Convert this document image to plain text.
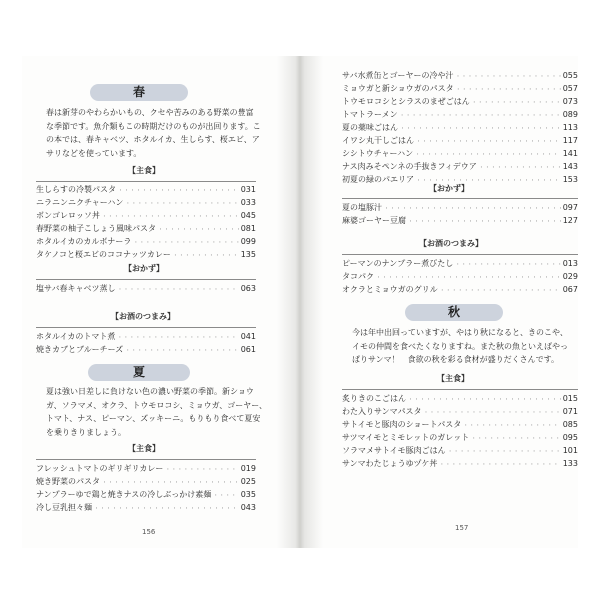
春
春は新芽のやわらかいもの、クセや苦みのある野菜の豊富
な季節です。魚介類もこの時期だけのものが出回ります。こ
の本では、春キャベツ、ホタルイカ、生しらす、桜エビ、ア
サリなどを使っています。
【主食】
生しらすの冷製パスタ ・・・・・・・・・・・・・・・・・・・・・・・・・・・・・・・・・・・・・・・・	031
ニラニンニクチャーハン ・・・・・・・・・・・・・・・・・・・・・・・・・・・・・・・・・・・・・・・・	033
ボンゴレロッソ丼 ・・・・・・・・・・・・・・・・・・・・・・・・・・・・・・・・・・・・・・・・	045
春野菜の柚子こしょう風味パスタ ・・・・・・・・・・・・・・・・・・・・・・・・・・・・・・・・・・・・・・・・	081
ホタルイカのカルボナーラ ・・・・・・・・・・・・・・・・・・・・・・・・・・・・・・・・・・・・・・・・	099
タケノコと桜エビのココナッツカレー ・・・・・・・・・・・・・・・・・・・・・・・・・・・・・・・・・・・・・・・・	135
【おかず】
塩サバ春キャベツ蒸し ・・・・・・・・・・・・・・・・・・・・・・・・・・・・・・・・・・・・・・・・	063
【お酒のつまみ】
ホタルイカのトマト煮 ・・・・・・・・・・・・・・・・・・・・・・・・・・・・・・・・・・・・・・・・	041
焼きカブとブルーチーズ ・・・・・・・・・・・・・・・・・・・・・・・・・・・・・・・・・・・・・・・・	061
夏
夏は強い日差しに負けない色の濃い野菜の季節。新ショウ
ガ、ソラマメ、オクラ、トウモロコシ、ミョウガ、ゴーヤー、
トマト、ナス、ピーマン、ズッキーニ。もりもり食べて夏安
を乗りきりましょう。
【主食】
フレッシュトマトのギリギリカレー ・・・・・・・・・・・・・・・・・・・・・・・・・・・・・・・・・・・・・・・・	019
焼き野菜のパスタ ・・・・・・・・・・・・・・・・・・・・・・・・・・・・・・・・・・・・・・・・	025
ナンプラーゆで鶏と焼きナスの冷しぶっかけ素麺 ・・・・・・・・・・・・・・・・・・・・・・・・・・・・・・・・・・・・・・・・	035
冷し豆乳担々麺 ・・・・・・・・・・・・・・・・・・・・・・・・・・・・・・・・・・・・・・・・	043
156
サバ水煮缶とゴーヤーの冷や汁 ・・・・・・・・・・・・・・・・・・・・・・・・・・・・・・・・・・・・・・・・	055
ミョウガと新ショウガのパスタ ・・・・・・・・・・・・・・・・・・・・・・・・・・・・・・・・・・・・・・・・	057
トウモロコシとシラスのまぜごはん ・・・・・・・・・・・・・・・・・・・・・・・・・・・・・・・・・・・・・・・・	073
トマトラーメン ・・・・・・・・・・・・・・・・・・・・・・・・・・・・・・・・・・・・・・・・	089
夏の薬味ごはん ・・・・・・・・・・・・・・・・・・・・・・・・・・・・・・・・・・・・・・・・	113
イワシ丸干しごはん ・・・・・・・・・・・・・・・・・・・・・・・・・・・・・・・・・・・・・・・・	117
シシトウチャーハン ・・・・・・・・・・・・・・・・・・・・・・・・・・・・・・・・・・・・・・・・	141
ナス肉みそペンネの手抜きフィデウア ・・・・・・・・・・・・・・・・・・・・・・・・・・・・・・・・・・・・・・・・	143
初夏の緑のパエリア ・・・・・・・・・・・・・・・・・・・・・・・・・・・・・・・・・・・・・・・・	153
【おかず】
夏の塩豚汁 ・・・・・・・・・・・・・・・・・・・・・・・・・・・・・・・・・・・・・・・・	097
麻婆ゴーヤー豆腐 ・・・・・・・・・・・・・・・・・・・・・・・・・・・・・・・・・・・・・・・・	127
【お酒のつまみ】
ピーマンのナンプラー煮びたし ・・・・・・・・・・・・・・・・・・・・・・・・・・・・・・・・・・・・・・・・	013
タコパク ・・・・・・・・・・・・・・・・・・・・・・・・・・・・・・・・・・・・・・・・	029
オクラとミョウガのグリル ・・・・・・・・・・・・・・・・・・・・・・・・・・・・・・・・・・・・・・・・	067
秋
今は年中出回っていますが、やはり秋になると、きのこや、
イモの仲間を食べたくなりますね。また秋の魚といえばやっ
ぱりサンマ！　食欲の秋を彩る食材が盛りだくさんです。
【主食】
炙りきのこごはん ・・・・・・・・・・・・・・・・・・・・・・・・・・・・・・・・・・・・・・・・	015
わた入りサンマパスタ ・・・・・・・・・・・・・・・・・・・・・・・・・・・・・・・・・・・・・・・・	071
サトイモと豚肉のショートパスタ ・・・・・・・・・・・・・・・・・・・・・・・・・・・・・・・・・・・・・・・・	085
サツマイモとミモレットのガレット ・・・・・・・・・・・・・・・・・・・・・・・・・・・・・・・・・・・・・・・・	095
ソラマメサトイモ豚肉ごはん ・・・・・・・・・・・・・・・・・・・・・・・・・・・・・・・・・・・・・・・・	101
サンマわたじょうゆヅケ丼 ・・・・・・・・・・・・・・・・・・・・・・・・・・・・・・・・・・・・・・・・	133
157
